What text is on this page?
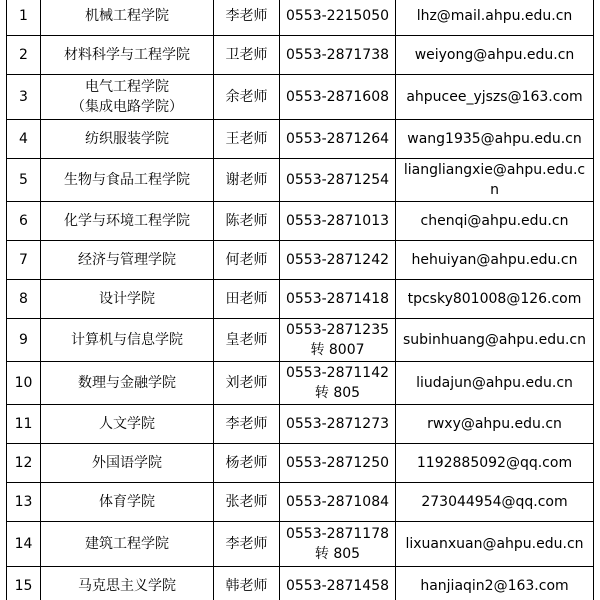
1	机械工程学院	李老师	0553-2215050	lhz@mail.ahpu.edu.cn

2	材料科学与工程学院	卫老师	0553-2871738	weiyong@ahpu.edu.cn

3	电气工程学院
（集成电路学院）	余老师	0553-2871608	ahpucee_yjszs@163.com

4	纺织服装学院	王老师	0553-2871264	wang1935@ahpu.edu.cn

5	生物与食品工程学院	谢老师	0553-2871254	liangliangxie@ahpu.edu.c
n

6	化学与环境工程学院	陈老师	0553-2871013	chenqi@ahpu.edu.cn

7	经济与管理学院	何老师	0553-2871242	hehuiyan@ahpu.edu.cn

8	设计学院	田老师	0553-2871418	tpcsky801008@126.com

9	计算机与信息学院	皇老师	0553-2871235
转 8007	subinhuang@ahpu.edu.cn

10	数理与金融学院	刘老师	0553-2871142
转 805	liudajun@ahpu.edu.cn

11	人文学院	李老师	0553-2871273	rwxy@ahpu.edu.cn

12	外国语学院	杨老师	0553-2871250	1192885092@qq.com

13	体育学院	张老师	0553-2871084	273044954@qq.com

14	建筑工程学院	李老师	0553-2871178
转 805	lixuanxuan@ahpu.edu.cn

15	马克思主义学院	韩老师	0553-2871458	hanjiaqin2@163.com
